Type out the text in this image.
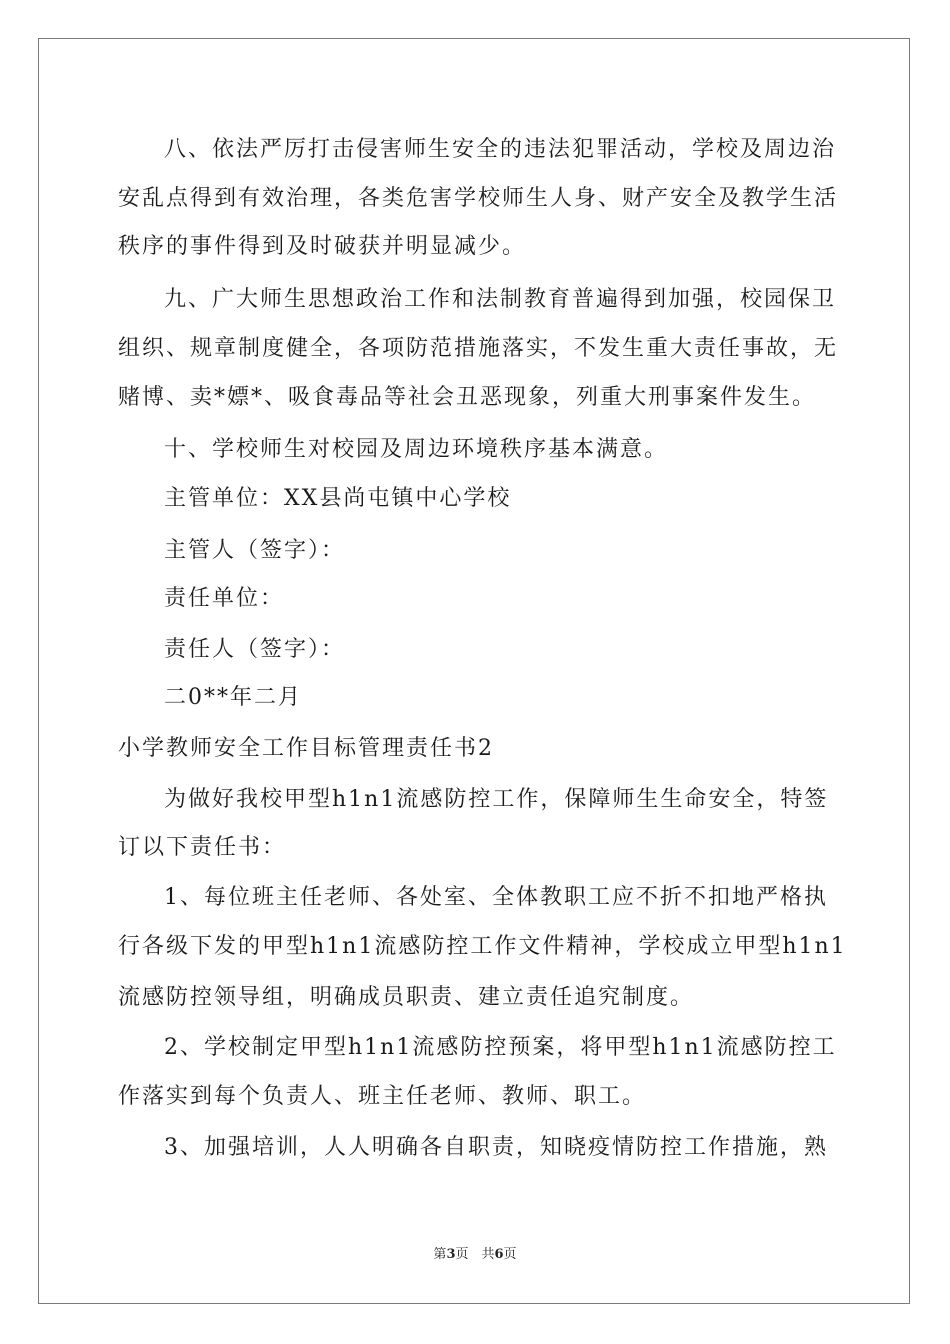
八、依法严厉打击侵害师生安全的违法犯罪活动，学校及周边治
安乱点得到有效治理，各类危害学校师生人身、财产安全及教学生活
秩序的事件得到及时破获并明显减少。
九、广大师生思想政治工作和法制教育普遍得到加强，校园保卫
组织、规章制度健全，各项防范措施落实，不发生重大责任事故，无
赌博、卖*嫖*、吸食毒品等社会丑恶现象，列重大刑事案件发生。
十、学校师生对校园及周边环境秩序基本满意。
主管单位：XX县尚屯镇中心学校
主管人（签字）：
责任单位：
责任人（签字）：
二0**年二月
小学教师安全工作目标管理责任书2
为做好我校甲型h1n1流感防控工作，保障师生生命安全，特签
订以下责任书：
1、每位班主任老师、各处室、全体教职工应不折不扣地严格执
行各级下发的甲型h1n1流感防控工作文件精神，学校成立甲型h1n1
流感防控领导组，明确成员职责、建立责任追究制度。
2、学校制定甲型h1n1流感防控预案，将甲型h1n1流感防控工
作落实到每个负责人、班主任老师、教师、职工。
3、加强培训，人人明确各自职责，知晓疫情防控工作措施，熟
第3页　共6页
